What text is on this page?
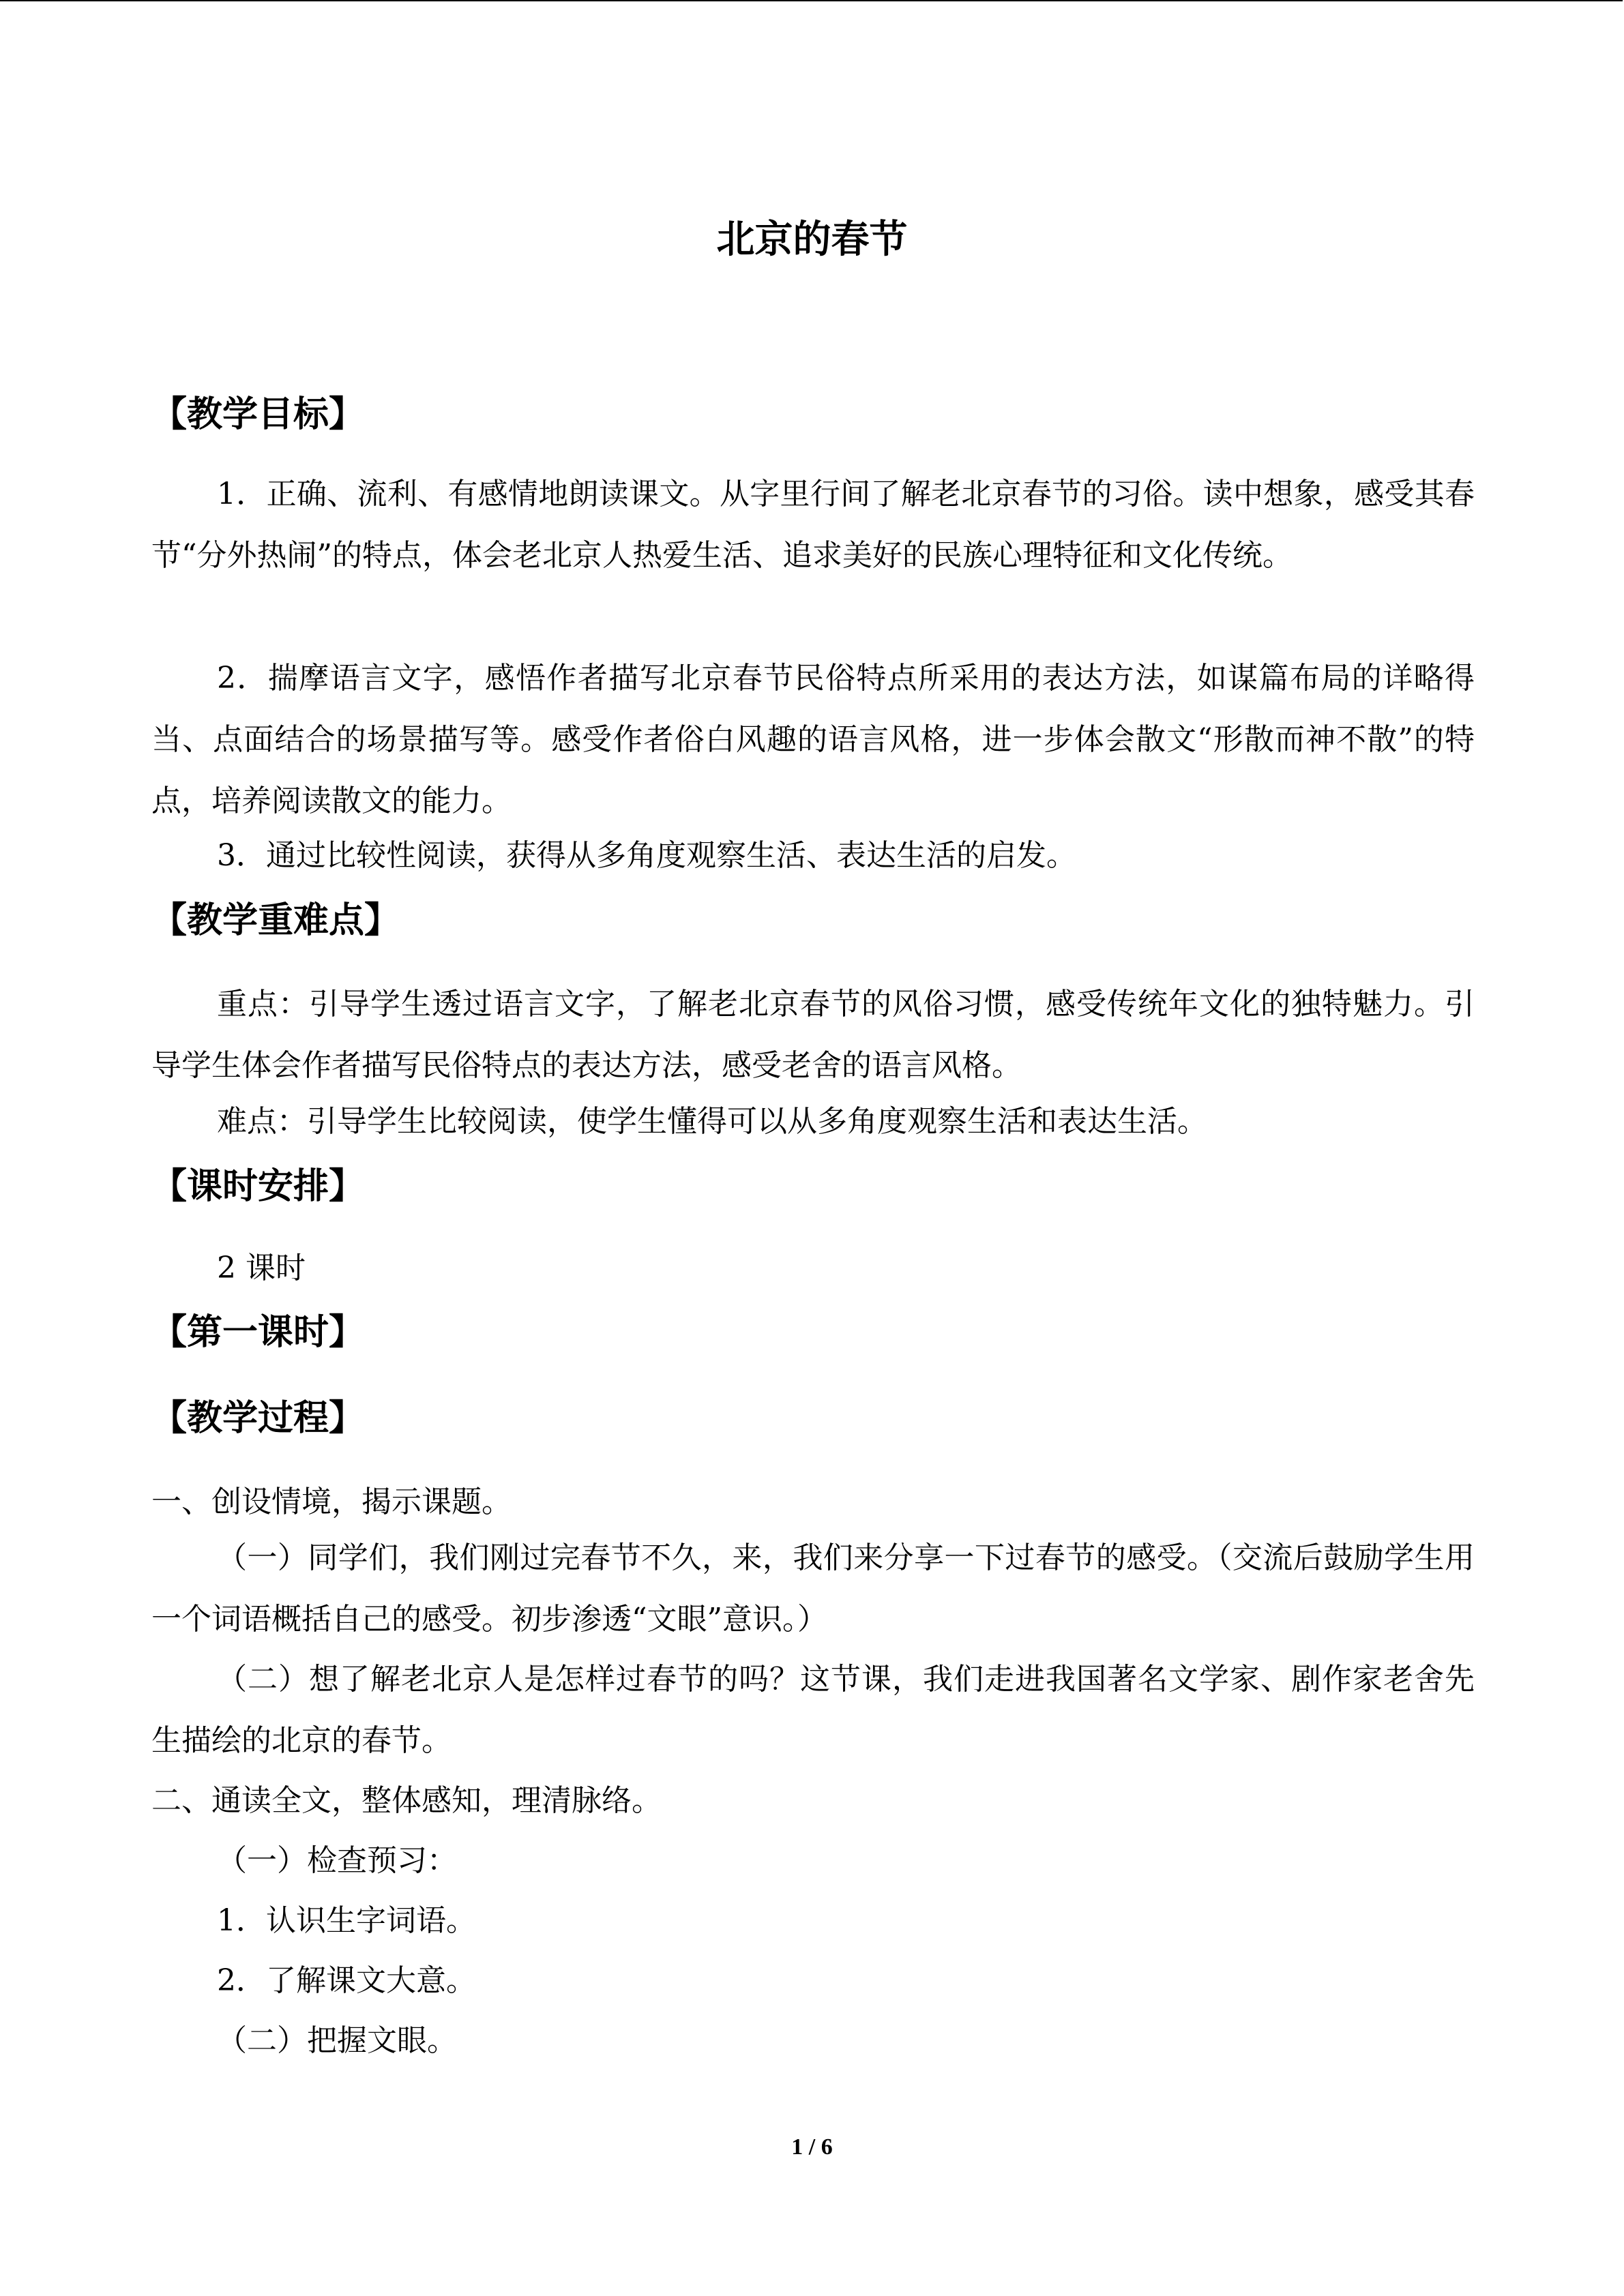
北京的春节
【教学目标】
1．正确、流利、有感情地朗读课文。从字里行间了解老北京春节的习俗。读中想象，感受其春节“分外热闹”的特点，体会老北京人热爱生活、追求美好的民族心理特征和文化传统。
2．揣摩语言文字，感悟作者描写北京春节民俗特点所采用的表达方法，如谋篇布局的详略得当、点面结合的场景描写等。感受作者俗白风趣的语言风格，进一步体会散文“形散而神不散”的特点，培养阅读散文的能力。
3．通过比较性阅读，获得从多角度观察生活、表达生活的启发。
【教学重难点】
重点：引导学生透过语言文字，了解老北京春节的风俗习惯，感受传统年文化的独特魅力。引导学生体会作者描写民俗特点的表达方法，感受老舍的语言风格。
难点：引导学生比较阅读，使学生懂得可以从多角度观察生活和表达生活。
【课时安排】
2 课时
【第一课时】
【教学过程】
一、创设情境，揭示课题。
（一）同学们，我们刚过完春节不久，来，我们来分享一下过春节的感受。（交流后鼓励学生用一个词语概括自己的感受。初步渗透“文眼”意识。）
（二）想了解老北京人是怎样过春节的吗？这节课，我们走进我国著名文学家、剧作家老舍先生描绘的北京的春节。
二、通读全文，整体感知，理清脉络。
（一）检查预习：
1．认识生字词语。
2．了解课文大意。
（二）把握文眼。
1 / 6
